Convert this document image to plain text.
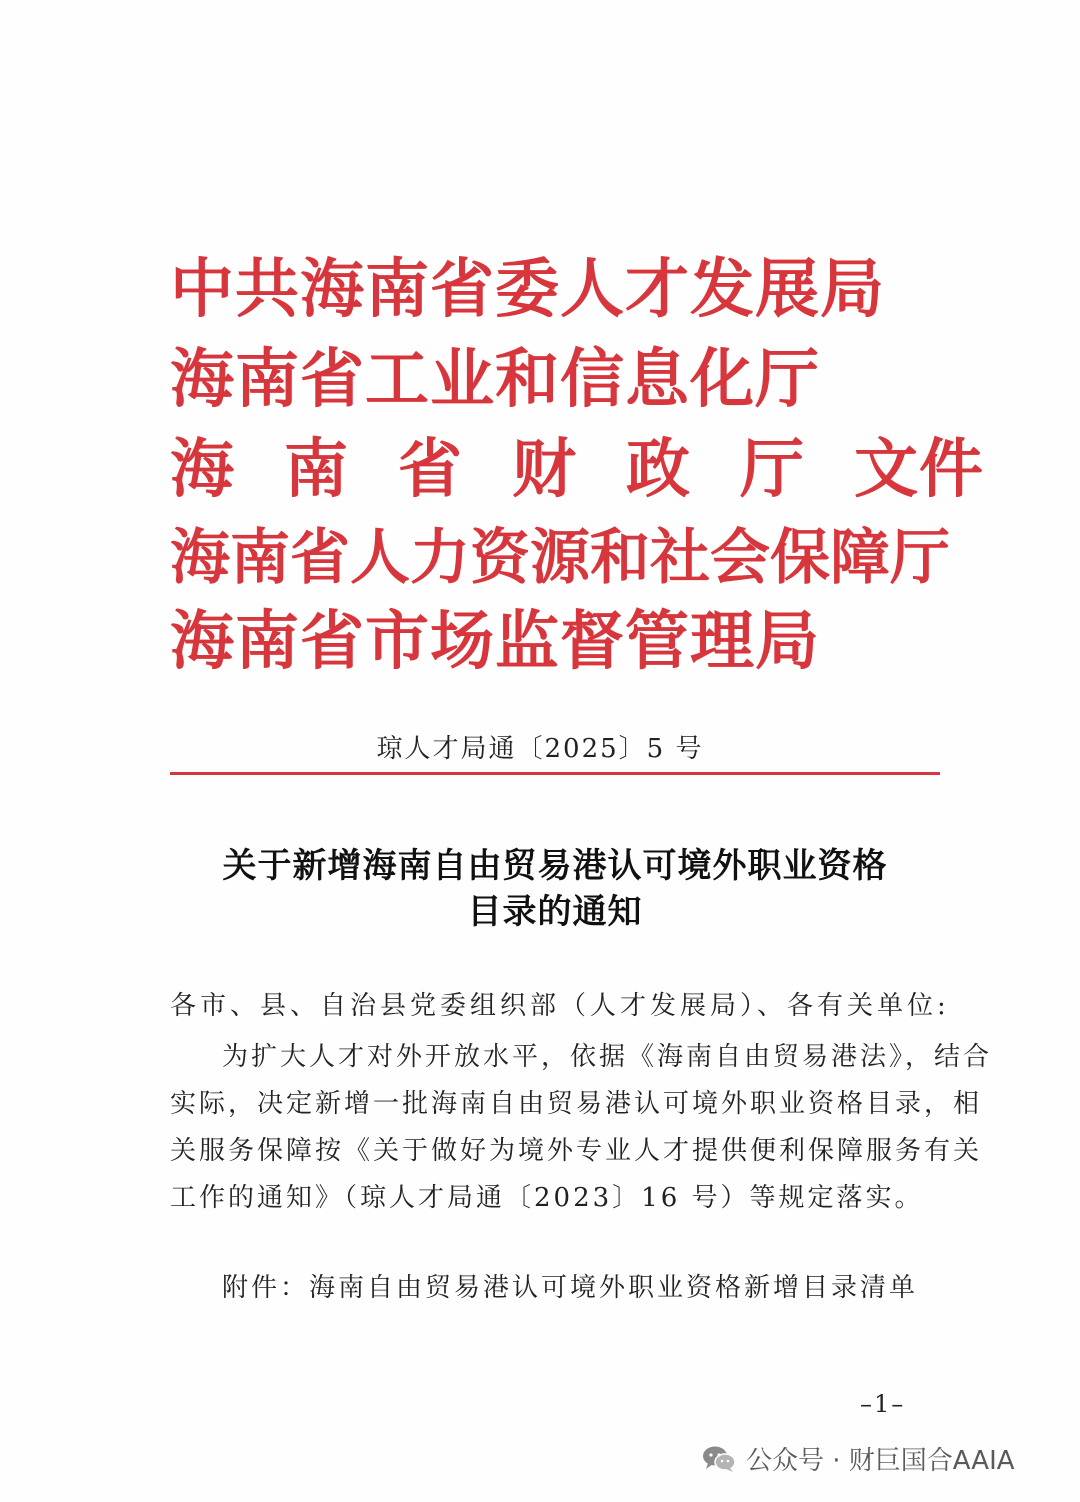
中共海南省委人才发展局
海南省工业和信息化厅
海南省财政厅 文件
海南省人力资源和社会保障厅
海南省市场监督管理局
琼人才局通〔2025〕5 号
关于新增海南自由贸易港认可境外职业资格
目录的通知
各市、县、自治县党委组织部（人才发展局）、各有关单位:
为扩大人才对外开放水平，依据《海南自由贸易港法》，结合
实际，决定新增一批海南自由贸易港认可境外职业资格目录，相
关服务保障按《关于做好为境外专业人才提供便利保障服务有关
工作的通知》（琼人才局通〔2023〕16 号）等规定落实。
附件：海南自由贸易港认可境外职业资格新增目录清单
–1–
公众号 · 财巨国合AAIA
